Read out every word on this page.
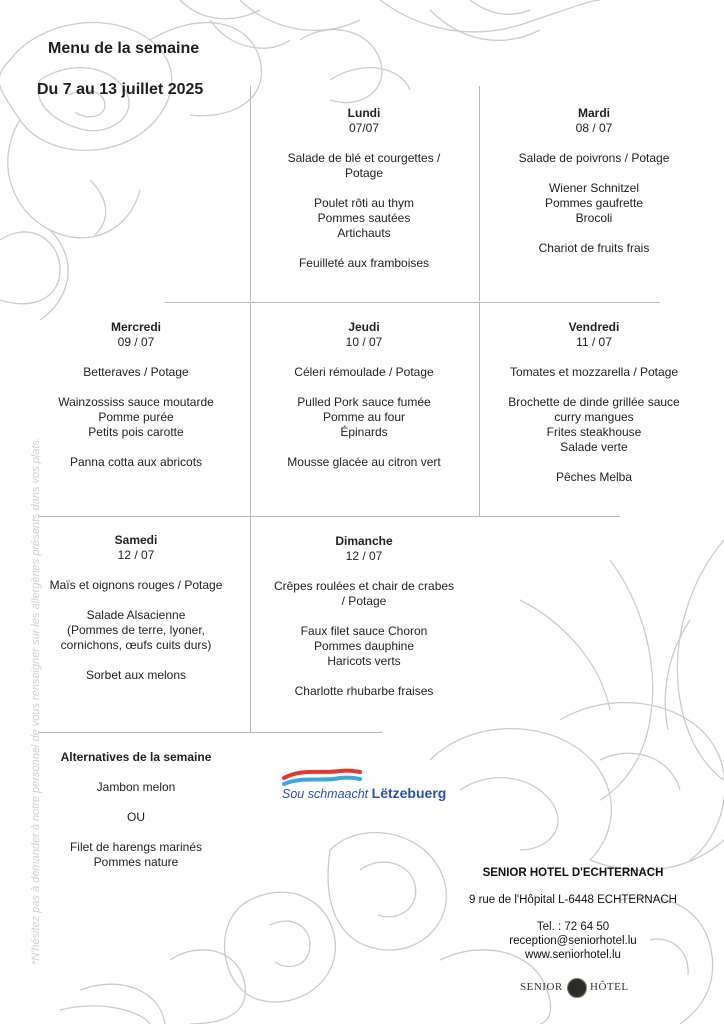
Menu de la semaine
Du 7 au 13 juillet 2025
*N'hésitez pas à demander à notre personnel de vous renseigner sur les allergènes présents dans vos plats.
Lundi
07/07
Salade de blé et courgettes /
Potage
Poulet rôti au thym
Pommes sautées
Artichauts
Feuilleté aux framboises
Mardi
08 / 07
Salade de poivrons / Potage
Wiener Schnitzel
Pommes gaufrette
Brocoli
Chariot de fruits frais
Mercredi
09 / 07
Betteraves / Potage
Wainzossiss sauce moutarde
Pomme purée
Petits pois carotte
Panna cotta aux abricots
Jeudi
10 / 07
Céleri rémoulade / Potage
Pulled Pork sauce fumée
Pomme au four
Épinards
Mousse glacée au citron vert
Vendredi
11 / 07
Tomates et mozzarella / Potage
Brochette de dinde grillée sauce
curry mangues
Frites steakhouse
Salade verte
Pêches Melba
Samedi
12 / 07
Maïs et oignons rouges / Potage
Salade Alsacienne
(Pommes de terre, lyoner,
cornichons, œufs cuits durs)
Sorbet aux melons
Dimanche
12 / 07
Crêpes roulées et chair de crabes
/ Potage
Faux filet sauce Choron
Pommes dauphine
Haricots verts
Charlotte rhubarbe fraises
Alternatives de la semaine
Jambon melon
OU
Filet de harengs marinés
Pommes nature
Sou schmaacht Lëtzebuerg
SENIOR HOTEL D'ECHTERNACH
9 rue de l'Hôpital L-6448 ECHTERNACH
Tel. : 72 64 50
reception@seniorhotel.lu
www.seniorhotel.lu
SENIOR HÔTEL
